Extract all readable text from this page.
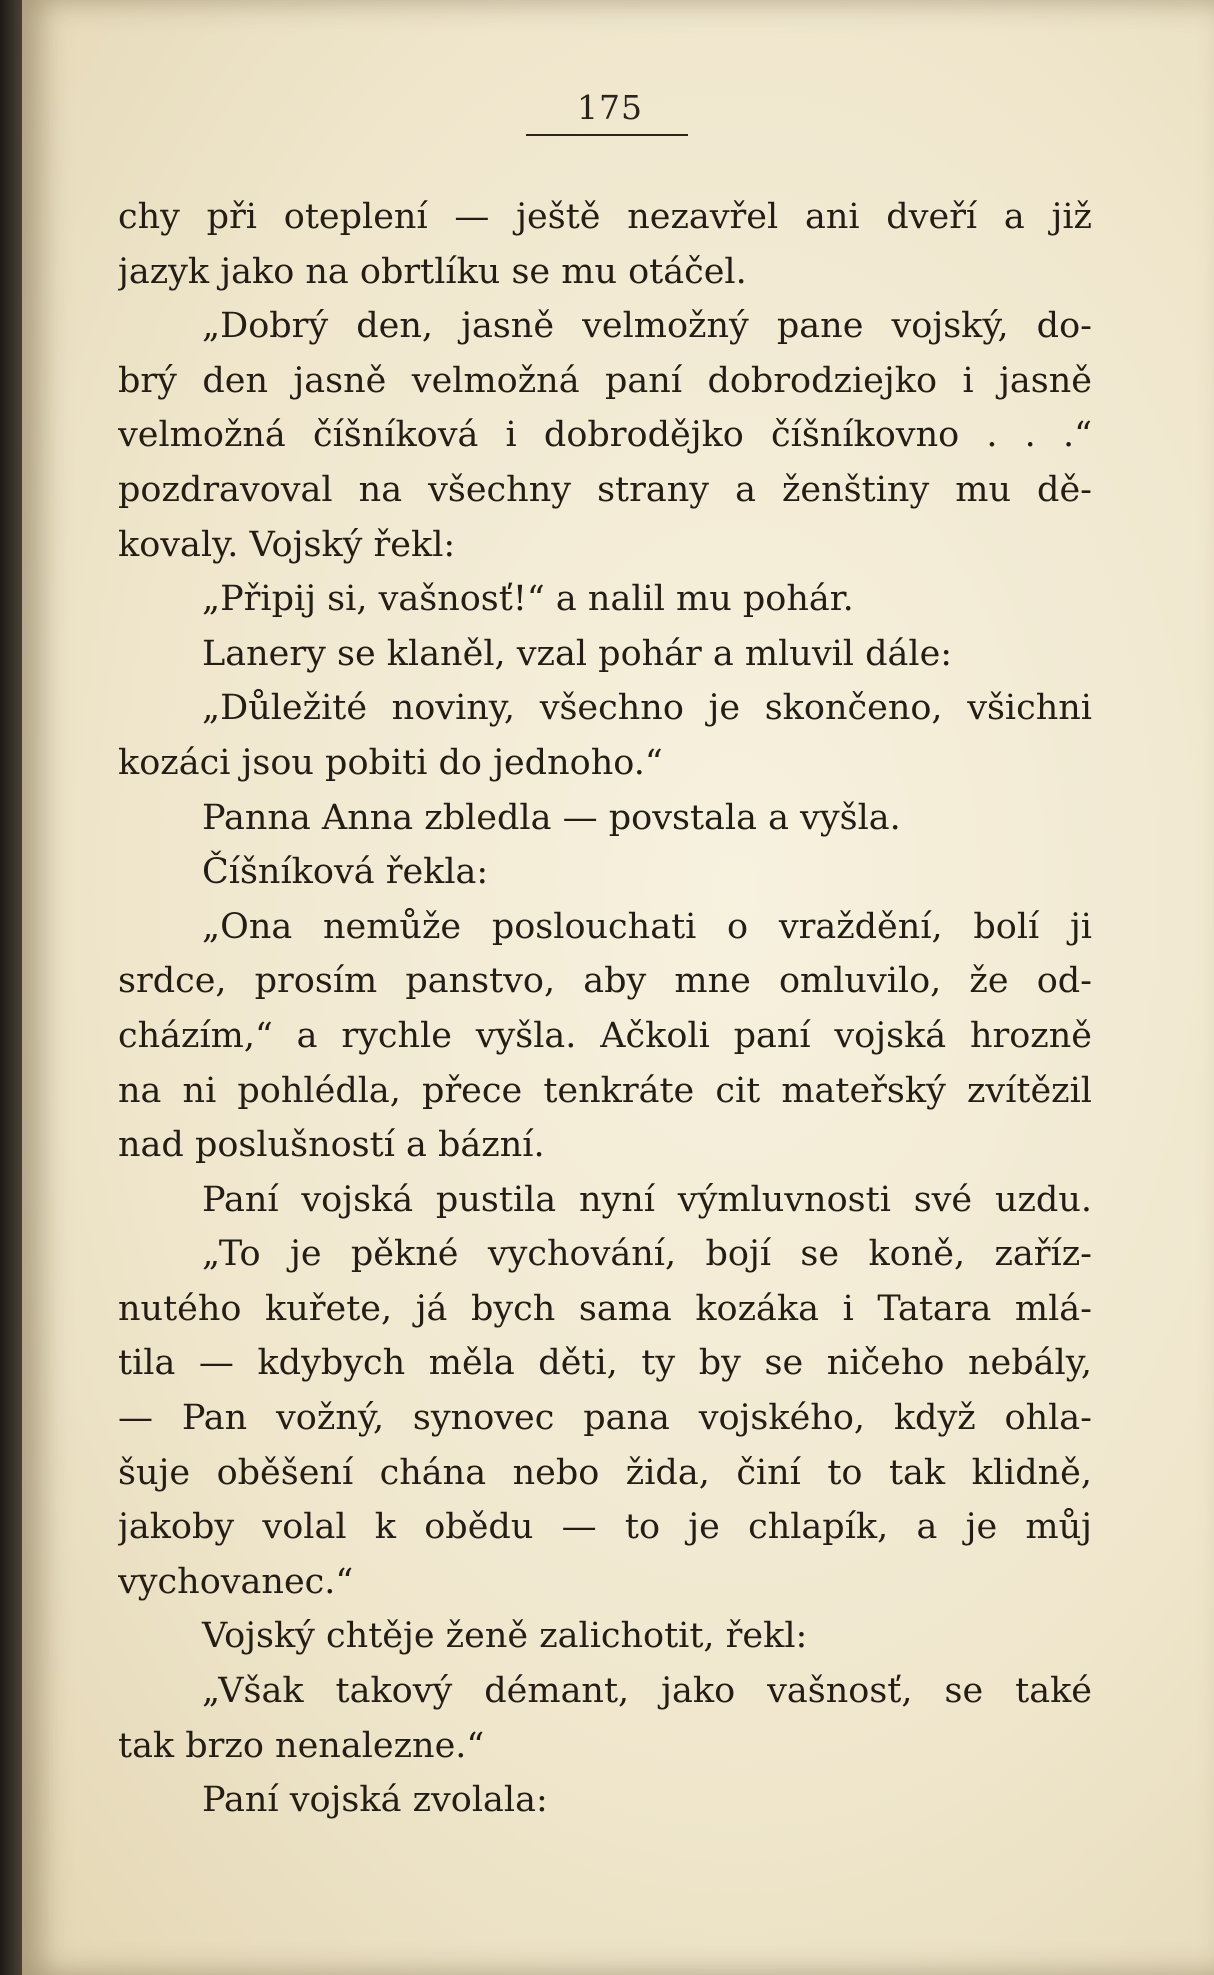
175
chy při oteplení — ještě nezavřel ani dveří a již
jazyk jako na obrtlíku se mu otáčel.
„Dobrý den, jasně velmožný pane vojský, do-
brý den jasně velmožná paní dobrodziejko i jasně
velmožná číšníková i dobrodějko číšníkovno . . .“
pozdravoval na všechny strany a ženštiny mu dě-
kovaly. Vojský řekl:
„Připij si, vašnosť!“ a nalil mu pohár.
Lanery se klaněl, vzal pohár a mluvil dále:
„Důležité noviny, všechno je skončeno, všichni
kozáci jsou pobiti do jednoho.“
Panna Anna zbledla — povstala a vyšla.
Číšníková řekla:
„Ona nemůže poslouchati o vraždění, bolí ji
srdce, prosím panstvo, aby mne omluvilo, že od-
cházím,“ a rychle vyšla. Ačkoli paní vojská hrozně
na ni pohlédla, přece tenkráte cit mateřský zvítězil
nad poslušností a bázní.
Paní vojská pustila nyní výmluvnosti své uzdu.
„To je pěkné vychování, bojí se koně, zaříz-
nutého kuřete, já bych sama kozáka i Tatara mlá-
tila — kdybych měla děti, ty by se ničeho nebály,
— Pan vožný, synovec pana vojského, když ohla-
šuje oběšení chána nebo žida, činí to tak klidně,
jakoby volal k obědu — to je chlapík, a je můj
vychovanec.“
Vojský chtěje ženě zalichotit, řekl:
„Však takový démant, jako vašnosť, se také
tak brzo nenalezne.“
Paní vojská zvolala:
